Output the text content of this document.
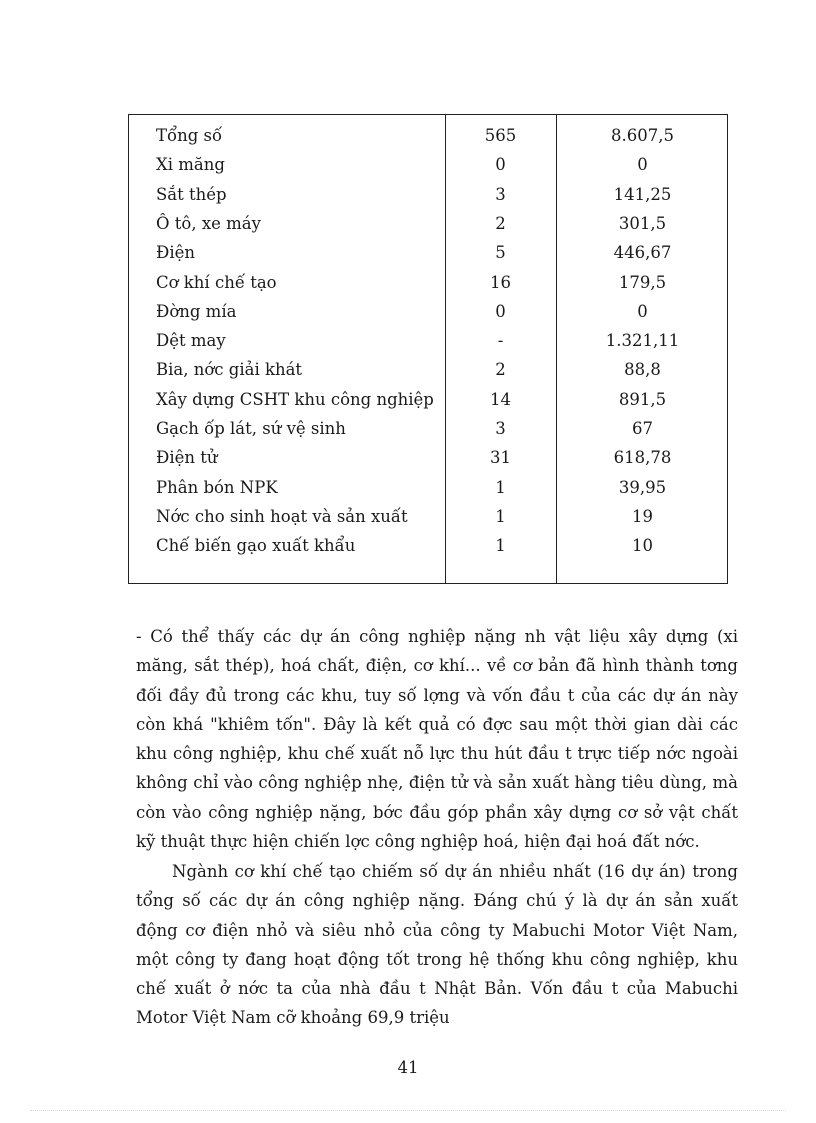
Tổng số	565	8.607,5
Xi măng	0	0
Sắt thép	3	141,25
Ô tô, xe máy	2	301,5
Điện	5	446,67
Cơ khí chế tạo	16	179,5
Đờng mía	0	0
Dệt may	-	1.321,11
Bia, nớc giải khát	2	88,8
Xây dựng CSHT khu công nghiệp	14	891,5
Gạch ốp lát, sứ vệ sinh	3	67
Điện tử	31	618,78
Phân bón NPK	1	39,95
Nớc cho sinh hoạt và sản xuất	1	19
Chế biến gạo xuất khẩu	1	10

- Có thể thấy các dự án công nghiệp nặng nh vật liệu xây dựng (xi măng, sắt thép), hoá chất, điện, cơ khí... về cơ bản đã hình thành tơng đối đầy đủ trong các khu, tuy số lợng và vốn đầu t của các dự án này còn khá "khiêm tốn". Đây là kết quả có đợc sau một thời gian dài các khu công nghiệp, khu chế xuất nỗ lực thu hút đầu t trực tiếp nớc ngoài không chỉ vào công nghiệp nhẹ, điện tử và sản xuất hàng tiêu dùng, mà còn vào công nghiệp nặng, bớc đầu góp phần xây dựng cơ sở vật chất kỹ thuật thực hiện chiến lợc công nghiệp hoá, hiện đại hoá đất nớc.

Ngành cơ khí chế tạo chiếm số dự án nhiều nhất (16 dự án) trong tổng số các dự án công nghiệp nặng. Đáng chú ý là dự án sản xuất động cơ điện nhỏ và siêu nhỏ của công ty Mabuchi Motor Việt Nam, một công ty đang hoạt động tốt trong hệ thống khu công nghiệp, khu chế xuất ở nớc ta của nhà đầu t Nhật Bản. Vốn đầu t của Mabuchi Motor Việt Nam cỡ khoảng 69,9 triệu

41
